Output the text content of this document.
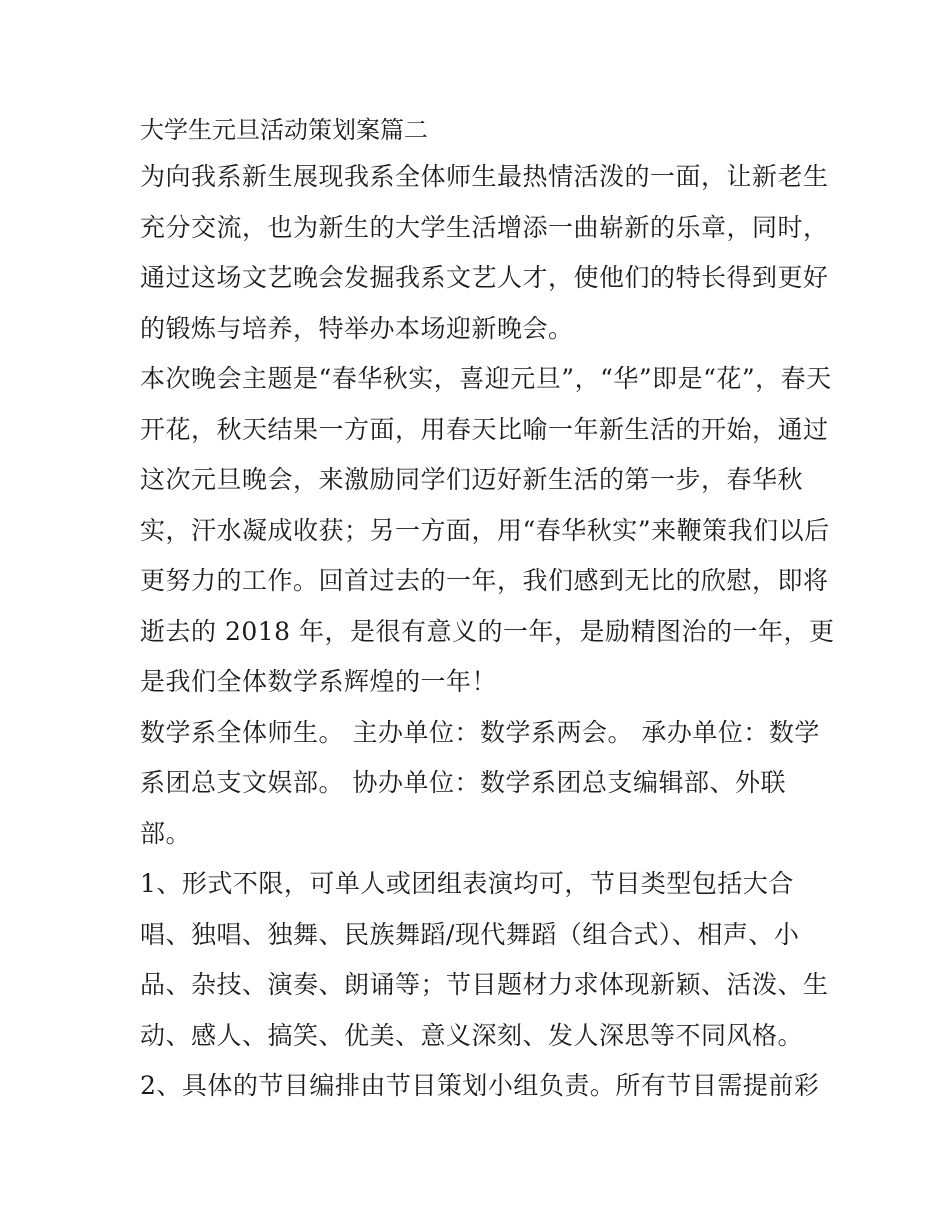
大学生元旦活动策划案篇二
为向我系新生展现我系全体师生最热情活泼的一面，让新老生
充分交流，也为新生的大学生活增添一曲崭新的乐章，同时，
通过这场文艺晚会发掘我系文艺人才，使他们的特长得到更好
的锻炼与培养，特举办本场迎新晚会。
本次晚会主题是“春华秋实，喜迎元旦”，“华”即是“花”，春天
开花，秋天结果一方面，用春天比喻一年新生活的开始，通过
这次元旦晚会，来激励同学们迈好新生活的第一步，春华秋
实，汗水凝成收获；另一方面，用“春华秋实”来鞭策我们以后
更努力的工作。回首过去的一年，我们感到无比的欣慰，即将
逝去的 2018 年，是很有意义的一年，是励精图治的一年，更
是我们全体数学系辉煌的一年！
数学系全体师生。 主办单位：数学系两会。 承办单位：数学
系团总支文娱部。 协办单位：数学系团总支编辑部、外联
部。
1、形式不限，可单人或团组表演均可，节目类型包括大合
唱、独唱、独舞、民族舞蹈/现代舞蹈（组合式）、相声、小
品、杂技、演奏、朗诵等；节目题材力求体现新颖、活泼、生
动、感人、搞笑、优美、意义深刻、发人深思等不同风格。
2、具体的节目编排由节目策划小组负责。所有节目需提前彩
